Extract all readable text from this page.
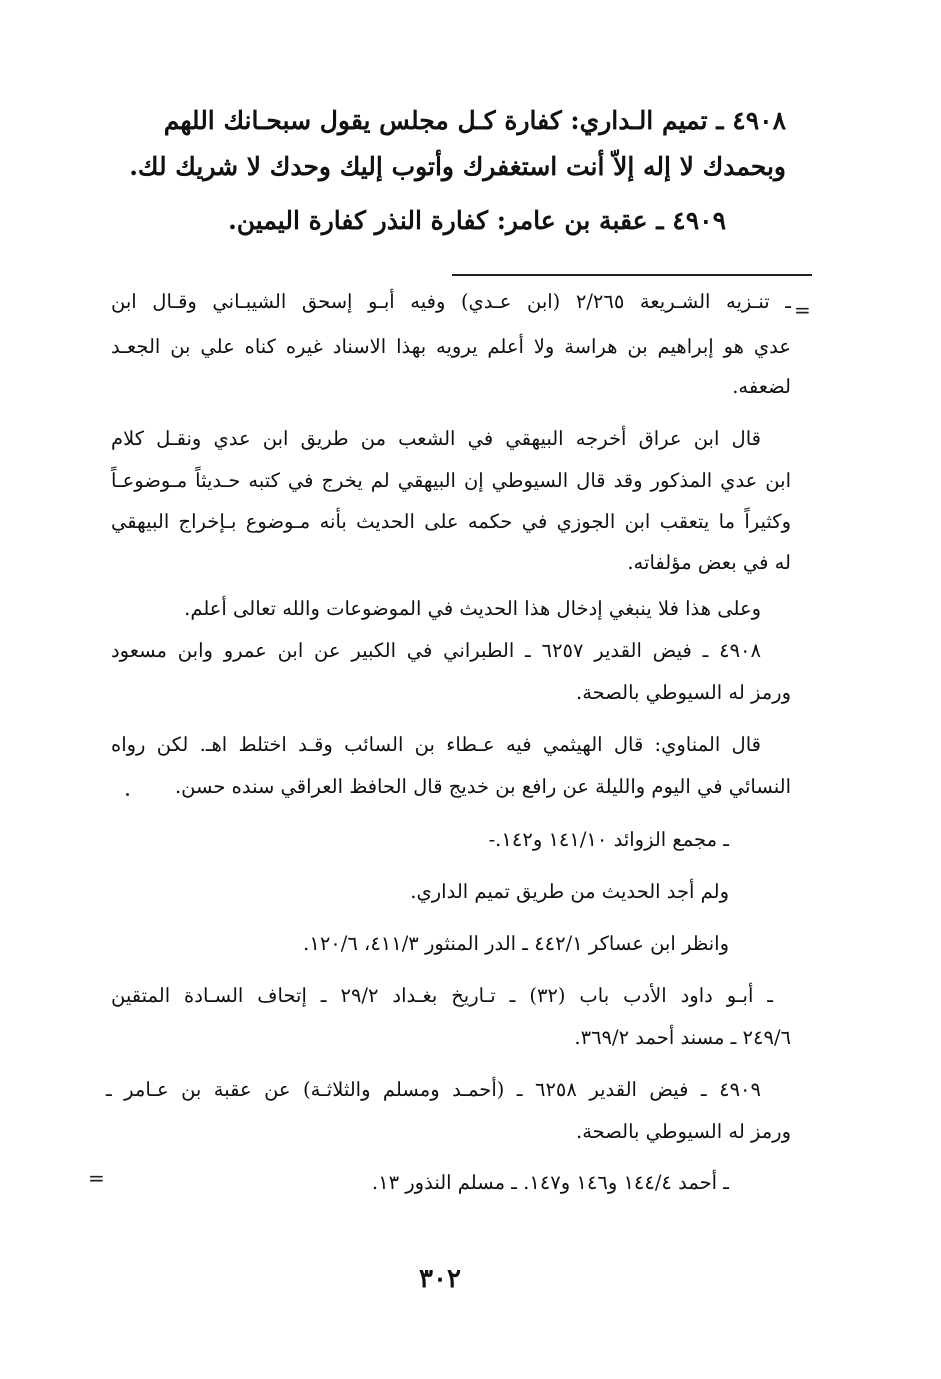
٤٩٠٨ ـ تميم الـداري: كفارة كـل مجلس يقول سبحـانك اللهم
وبحمدك لا إله إلاّ أنت استغفرك وأتوب إليك وحدك لا شريك لك.
٤٩٠٩ ـ عقبة بن عامر: كفارة النذر كفارة اليمين.
=
ـ تنـزيه الشـريعة ٢/٢٦٥ (ابن عـدي) وفيه أبـو إسحق الشيبـاني وقـال ابن
عدي هو إبراهيم بن هراسة ولا أعلم يرويه بهذا الاسناد غيره كناه علي بن الجعـد
لضعفه.
قال ابن عراق أخرجه البيهقي في الشعب من طريق ابن عدي ونقـل كلام
ابن عدي المذكور وقد قال السيوطي إن البيهقي لم يخرج في كتبه حـديثاً مـوضوعـاً
وكثيراً ما يتعقب ابن الجوزي في حكمه على الحديث بأنه مـوضوع بـإخراج البيهقي
له في بعض مؤلفاته.
وعلى هذا فلا ينبغي إدخال هذا الحديث في الموضوعات والله تعالى أعلم.
٤٩٠٨ ـ فيض القدير ٦٢٥٧ ـ الطبراني في الكبير عن ابن عمرو وابن مسعود
ورمز له السيوطي بالصحة.
قال المناوي: قال الهيثمي فيه عـطاء بن السائب وقـد اختلط اهـ. لكن رواه
النسائي في اليوم والليلة عن رافع بن خديج قال الحافظ العراقي سنده حسن.
ـ مجمع الزوائد ١٤١/١٠ و١٤٢.-
ولم أجد الحديث من طريق تميم الداري.
وانظر ابن عساكر ٤٤٢/١ ـ الدر المنثور ٤١١/٣، ١٢٠/٦.
ـ أبـو داود الأدب باب (٣٢) ـ تـاريخ بغـداد ٢٩/٢ ـ إتحاف السـادة المتقين
٢٤٩/٦ ـ مسند أحمد ٣٦٩/٢.
٤٩٠٩ ـ فيض القدير ٦٢٥٨ ـ (أحمـد ومسلم والثلاثـة) عن عقبة بن عـامر ـ
ورمز له السيوطي بالصحة.
ـ أحمد ١٤٤/٤ و١٤٦ و١٤٧. ـ مسلم النذور ١٣.
=
٣٠٢
